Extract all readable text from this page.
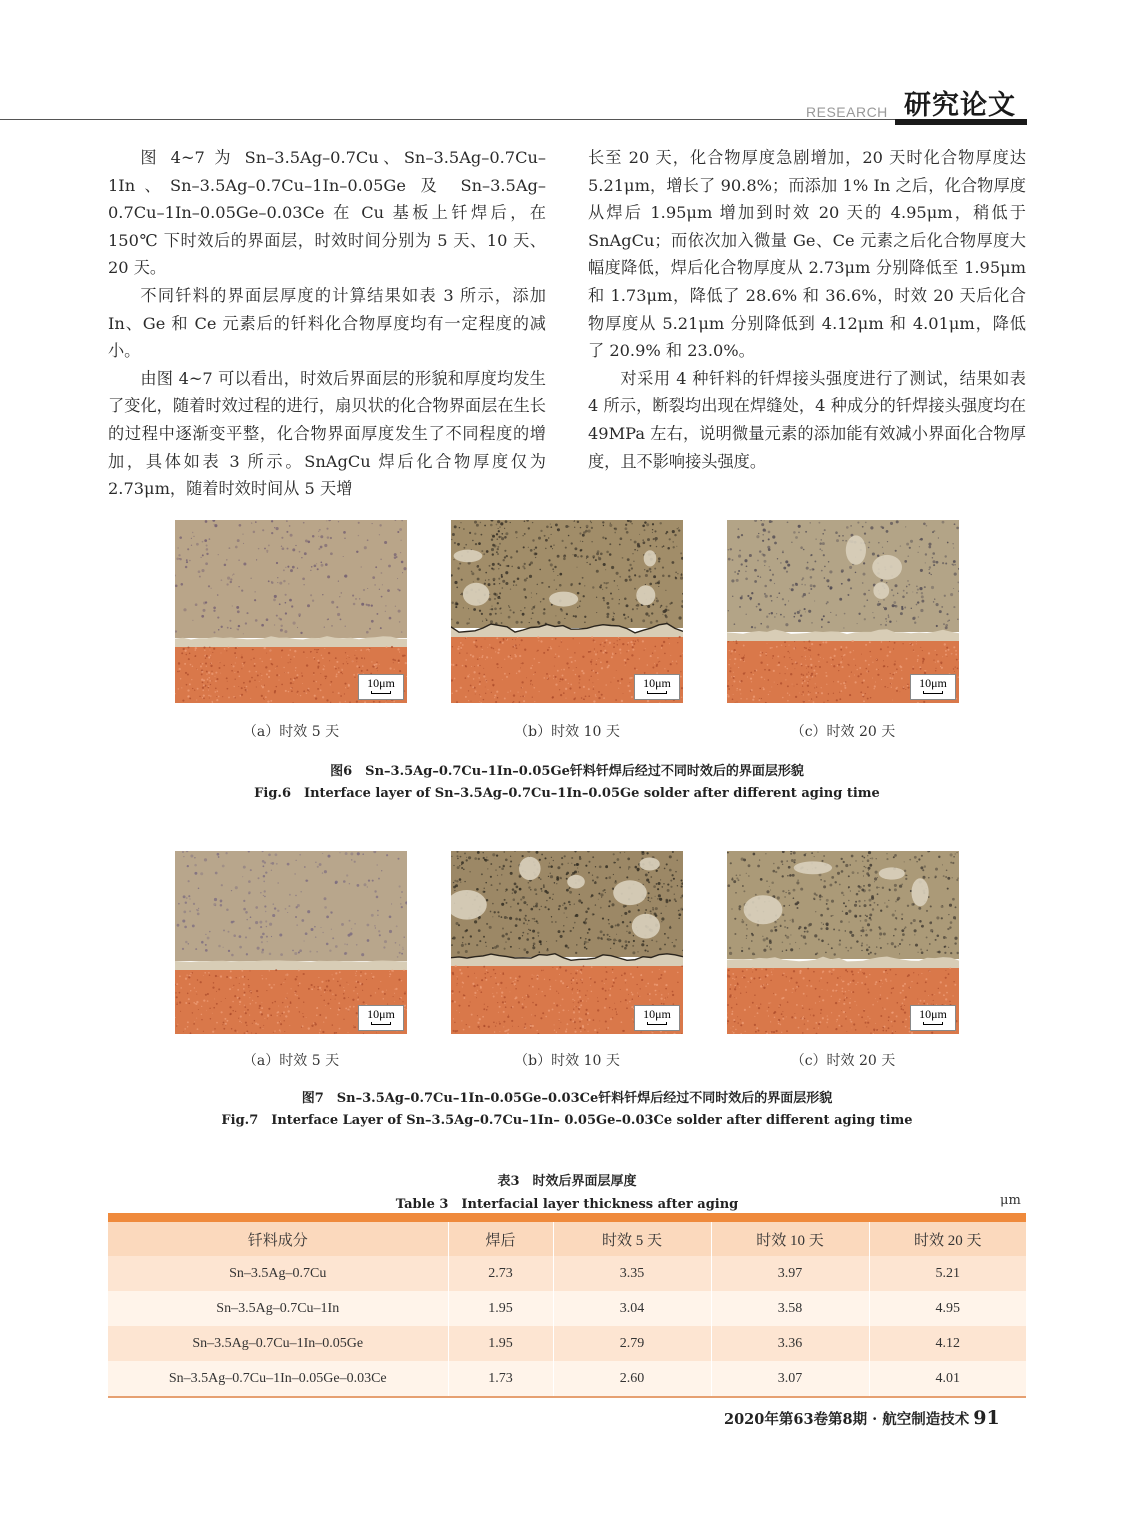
RESEARCH 研究论文

图 4~7 为 Sn–3.5Ag–0.7Cu、Sn–3.5Ag–0.7Cu–1In、Sn–3.5Ag–0.7Cu–1In–0.05Ge 及 Sn–3.5Ag–0.7Cu–1In–0.05Ge–0.03Ce 在 Cu 基板上钎焊后，在 150℃ 下时效后的界面层，时效时间分别为 5 天、10 天、20 天。

不同钎料的界面层厚度的计算结果如表 3 所示，添加 In、Ge 和 Ce 元素后的钎料化合物厚度均有一定程度的减小。

由图 4~7 可以看出，时效后界面层的形貌和厚度均发生了变化，随着时效过程的进行，扇贝状的化合物界面层在生长的过程中逐渐变平整，化合物界面厚度发生了不同程度的增加，具体如表 3 所示。SnAgCu 焊后化合物厚度仅为 2.73μm，随着时效时间从 5 天增

长至 20 天，化合物厚度急剧增加，20 天时化合物厚度达 5.21μm，增长了 90.8%；而添加 1% In 之后，化合物厚度从焊后 1.95μm 增加到时效 20 天的 4.95μm，稍低于 SnAgCu；而依次加入微量 Ge、Ce 元素之后化合物厚度大幅度降低，焊后化合物厚度从 2.73μm 分别降低至 1.95μm 和 1.73μm，降低了 28.6% 和 36.6%，时效 20 天后化合物厚度从 5.21μm 分别降低到 4.12μm 和 4.01μm，降低了 20.9% 和 23.0%。

对采用 4 种钎料的钎焊接头强度进行了测试，结果如表 4 所示，断裂均出现在焊缝处，4 种成分的钎焊接头强度均在 49MPa 左右，说明微量元素的添加能有效减小界面化合物厚度，且不影响接头强度。

10μm	10μm	10μm
（a）时效 5 天	（b）时效 10 天	（c）时效 20 天
图6　Sn–3.5Ag–0.7Cu–1In–0.05Ge钎料钎焊后经过不同时效后的界面层形貌
Fig.6　Interface layer of Sn–3.5Ag–0.7Cu–1In–0.05Ge solder after different aging time
10μm	10μm	10μm
（a）时效 5 天	（b）时效 10 天	（c）时效 20 天
图7　Sn–3.5Ag–0.7Cu–1In–0.05Ge–0.03Ce钎料钎焊后经过不同时效后的界面层形貌
Fig.7　Interface Layer of Sn–3.5Ag–0.7Cu–1In– 0.05Ge–0.03Ce solder after different aging time
表3　时效后界面层厚度
Table 3　Interfacial layer thickness after aging	μm
钎料成分	焊后	时效 5 天	时效 10 天	时效 20 天
Sn–3.5Ag–0.7Cu	2.73	3.35	3.97	5.21
Sn–3.5Ag–0.7Cu–1In	1.95	3.04	3.58	4.95
Sn–3.5Ag–0.7Cu–1In–0.05Ge	1.95	2.79	3.36	4.12
Sn–3.5Ag–0.7Cu–1In–0.05Ge–0.03Ce	1.73	2.60	3.07	4.01
2020年第63卷第8期 · 航空制造技术 91
